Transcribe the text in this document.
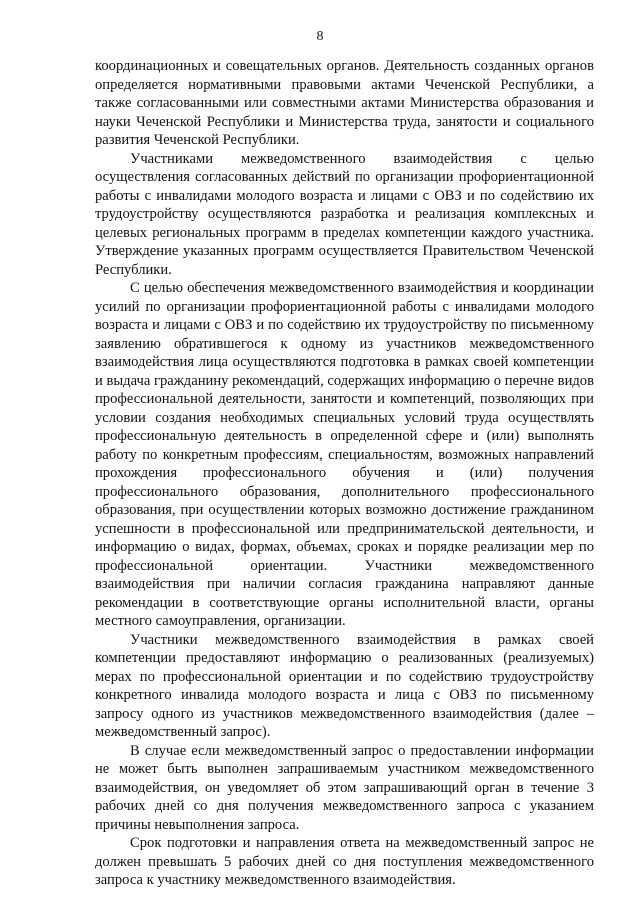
8

координационных и совещательных органов. Деятельность созданных органов определяется нормативными правовыми актами Чеченской Республики, а также согласованными или совместными актами Министерства образования и науки Чеченской Республики и Министерства труда, занятости и социального развития Чеченской Республики.

Участниками межведомственного взаимодействия с целью осуществления согласованных действий по организации профориентационной работы с инвалидами молодого возраста и лицами с ОВЗ и по содействию их трудоустройству осуществляются разработка и реализация комплексных и целевых региональных программ в пределах компетенции каждого участника. Утверждение указанных программ осуществляется Правительством Чеченской Республики.

С целью обеспечения межведомственного взаимодействия и координации усилий по организации профориентационной работы с инвалидами молодого возраста и лицами с ОВЗ и по содействию их трудоустройству по письменному заявлению обратившегося к одному из участников межведомственного взаимодействия лица осуществляются подготовка в рамках своей компетенции и выдача гражданину рекомендаций, содержащих информацию о перечне видов профессиональной деятельности, занятости и компетенций, позволяющих при условии создания необходимых специальных условий труда осуществлять профессиональную деятельность в определенной сфере и (или) выполнять работу по конкретным профессиям, специальностям, возможных направлений прохождения профессионального обучения и (или) получения профессионального образования, дополнительного профессионального образования, при осуществлении которых возможно достижение гражданином успешности в профессиональной или предпринимательской деятельности, и информацию о видах, формах, объемах, сроках и порядке реализации мер по профессиональной ориентации. Участники межведомственного взаимодействия при наличии согласия гражданина направляют данные рекомендации в соответствующие органы исполнительной власти, органы местного самоуправления, организации.

Участники межведомственного взаимодействия в рамках своей компетенции предоставляют информацию о реализованных (реализуемых) мерах по профессиональной ориентации и по содействию трудоустройству конкретного инвалида молодого возраста и лица с ОВЗ по письменному запросу одного из участников межведомственного взаимодействия (далее – межведомственный запрос).

В случае если межведомственный запрос о предоставлении информации не может быть выполнен запрашиваемым участником межведомственного взаимодействия, он уведомляет об этом запрашивающий орган в течение 3 рабочих дней со дня получения межведомственного запроса с указанием причины невыполнения запроса.

Срок подготовки и направления ответа на межведомственный запрос не должен превышать 5 рабочих дней со дня поступления межведомственного запроса к участнику межведомственного взаимодействия.
